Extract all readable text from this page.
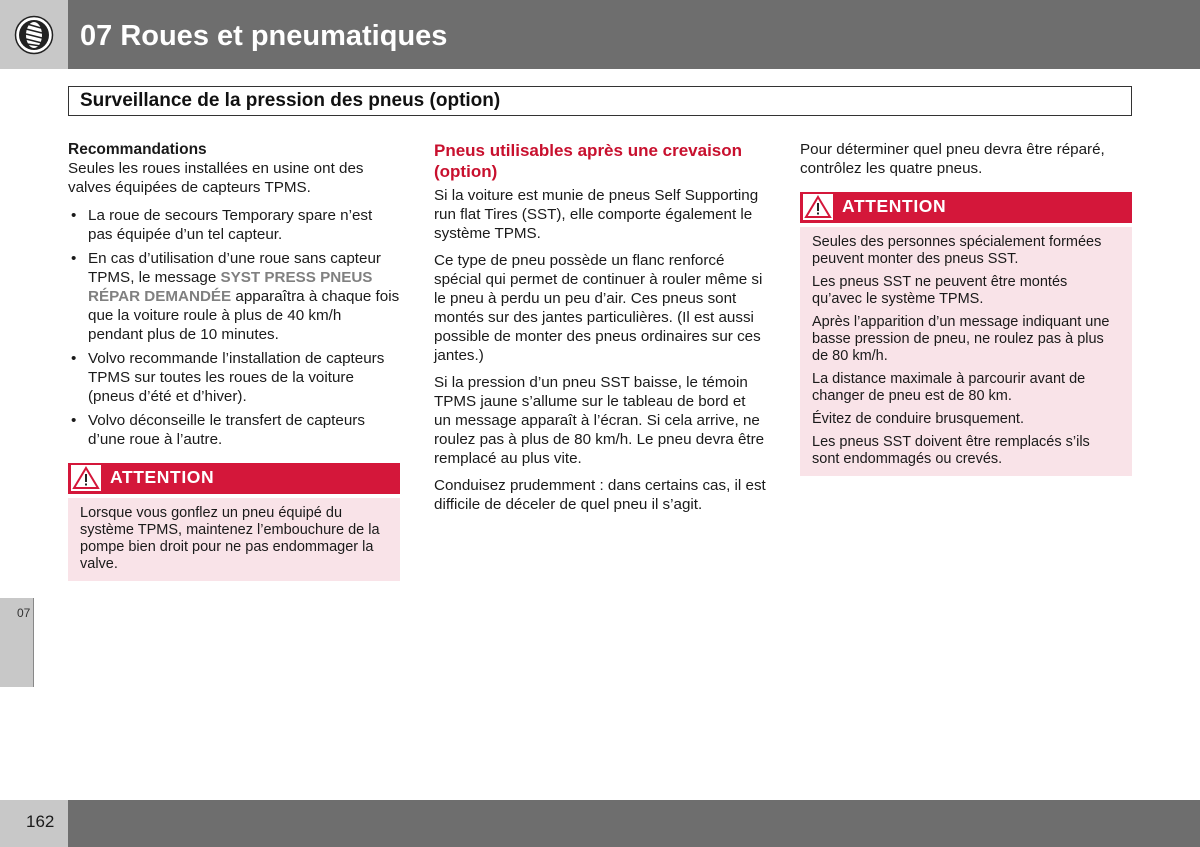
07 Roues et pneumatiques
Surveillance de la pression des pneus (option)
Recommandations

Seules les roues installées en usine ont des valves équipées de capteurs TPMS.

• La roue de secours Temporary spare n’est pas équipée d’un tel capteur.
• En cas d’utilisation d’une roue sans capteur TPMS, le message SYST PRESS PNEUS RÉPAR DEMANDÉE apparaîtra à chaque fois que la voiture roule à plus de 40 km/h pendant plus de 10 minutes.
• Volvo recommande l’installation de capteurs TPMS sur toutes les roues de la voiture (pneus d’été et d’hiver).
• Volvo déconseille le transfert de capteurs d’une roue à l’autre.
ATTENTION

Lorsque vous gonflez un pneu équipé du système TPMS, maintenez l’embouchure de la pompe bien droit pour ne pas endommager la valve.

Pneus utilisables après une crevaison (option)

Si la voiture est munie de pneus Self Supporting run flat Tires (SST), elle comporte également le système TPMS.

Ce type de pneu possède un flanc renforcé spécial qui permet de continuer à rouler même si le pneu à perdu un peu d’air. Ces pneus sont montés sur des jantes particulières. (Il est aussi possible de monter des pneus ordinaires sur ces jantes.)

Si la pression d’un pneu SST baisse, le témoin TPMS jaune s’allume sur le tableau de bord et un message apparaît à l’écran. Si cela arrive, ne roulez pas à plus de 80 km/h. Le pneu devra être remplacé au plus vite.

Conduisez prudemment : dans certains cas, il est difficile de déceler de quel pneu il s’agit.

Pour déterminer quel pneu devra être réparé, contrôlez les quatre pneus.

ATTENTION

Seules des personnes spécialement formées peuvent monter des pneus SST.

Les pneus SST ne peuvent être montés qu’avec le système TPMS.

Après l’apparition d’un message indiquant une basse pression de pneu, ne roulez pas à plus de 80 km/h.

La distance maximale à parcourir avant de changer de pneu est de 80 km.

Évitez de conduire brusquement.

Les pneus SST doivent être remplacés s’ils sont endommagés ou crevés.

07
162
